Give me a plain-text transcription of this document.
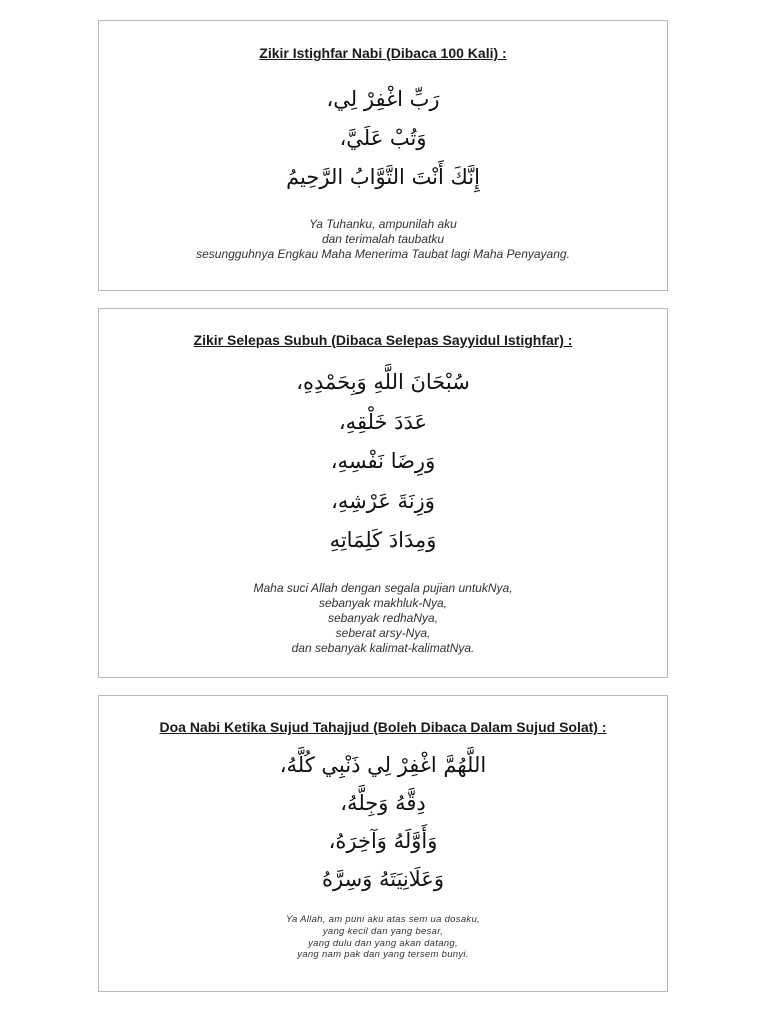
Zikir Istighfar Nabi (Dibaca 100 Kali) :

رَبِّ اغْفِرْ لِي،
وَتُبْ عَلَيَّ،
إِنَّكَ أَنْتَ التَّوَّابُ الرَّحِيمُ
Ya Tuhanku, ampunilah aku
dan terimalah taubatku
sesungguhnya Engkau Maha Menerima Taubat lagi Maha Penyayang.

Zikir Selepas Subuh (Dibaca Selepas Sayyidul Istighfar) :

سُبْحَانَ اللَّهِ وَبِحَمْدِهِ،
عَدَدَ خَلْقِهِ،
وَرِضَا نَفْسِهِ،
وَزِنَةَ عَرْشِهِ،
وَمِدَادَ كَلِمَاتِهِ
Maha suci Allah dengan segala pujian untukNya,
sebanyak makhluk-Nya,
sebanyak redhaNya,
seberat arsy-Nya,
dan sebanyak kalimat-kalimatNya.

Doa Nabi Ketika Sujud Tahajjud (Boleh Dibaca Dalam Sujud Solat) :

اللَّهُمَّ اغْفِرْ لِي ذَنْبِي كُلَّهُ،
دِقَّهُ وَجِلَّهُ،
وَأَوَّلَهُ وَآخِرَهُ،
وَعَلَانِيَتَهُ وَسِرَّهُ
Ya Allah, am puni aku atas sem ua dosaku,
yang kecil dan yang besar,
yang dulu dan yang akan datang,
yang nam pak dan yang tersem bunyi.
